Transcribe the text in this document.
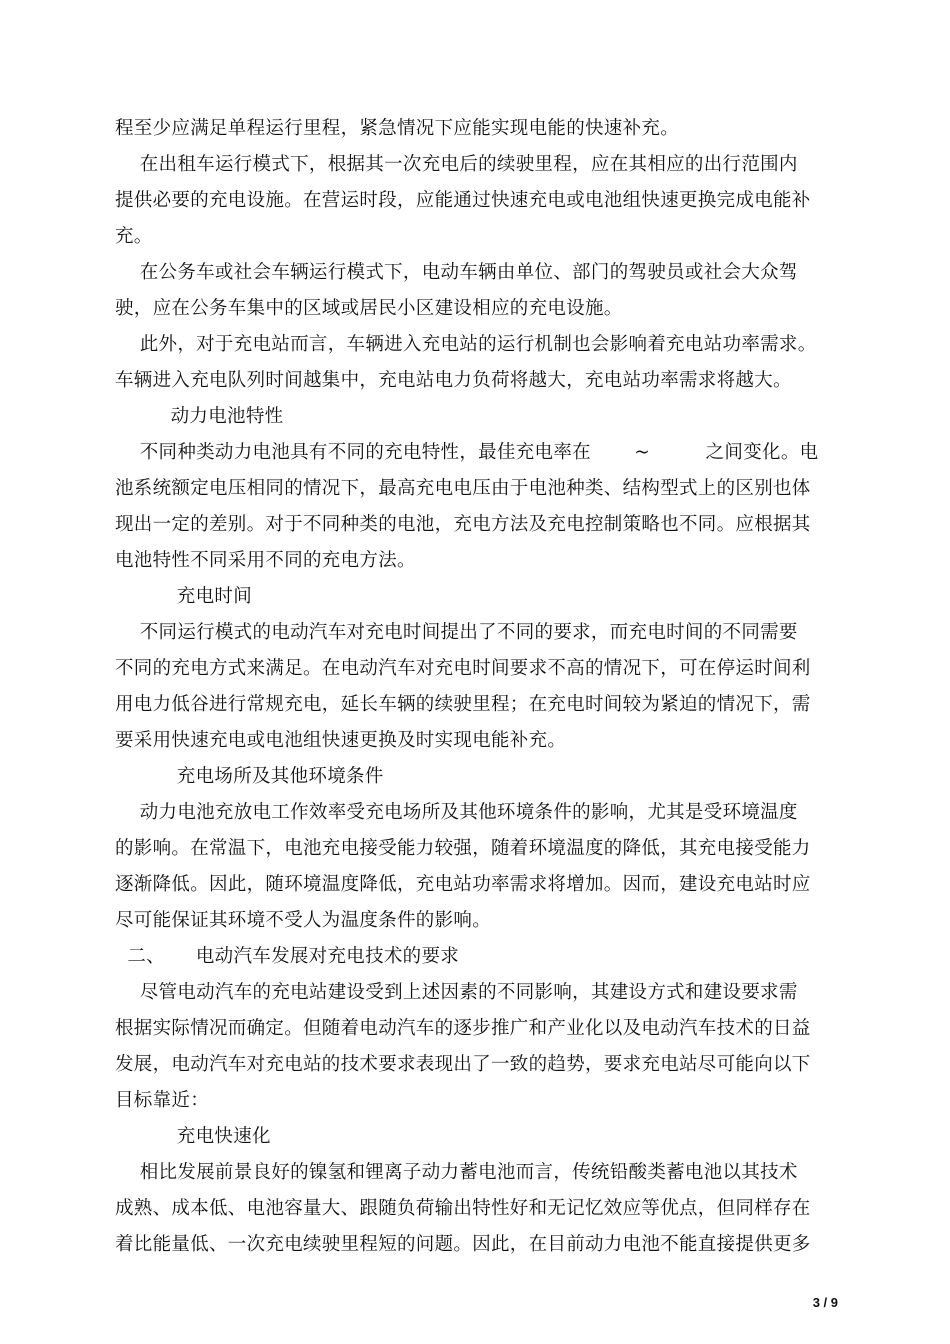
程至少应满足单程运行里程，紧急情况下应能实现电能的快速补充。
在出租车运行模式下，根据其一次充电后的续驶里程，应在其相应的出行范围内
提供必要的充电设施。在营运时段，应能通过快速充电或电池组快速更换完成电能补
充。
在公务车或社会车辆运行模式下，电动车辆由单位、部门的驾驶员或社会大众驾
驶，应在公务车集中的区域或居民小区建设相应的充电设施。
此外，对于充电站而言，车辆进入充电站的运行机制也会影响着充电站功率需求。
车辆进入充电队列时间越集中，充电站电力负荷将越大，充电站功率需求将越大。
动力电池特性
不同种类动力电池具有不同的充电特性，最佳充电率在       ~         之间变化。电
池系统额定电压相同的情况下，最高充电电压由于电池种类、结构型式上的区别也体
现出一定的差别。对于不同种类的电池，充电方法及充电控制策略也不同。应根据其
电池特性不同采用不同的充电方法。
充电时间
不同运行模式的电动汽车对充电时间提出了不同的要求，而充电时间的不同需要
不同的充电方式来满足。在电动汽车对充电时间要求不高的情况下，可在停运时间利
用电力低谷进行常规充电，延长车辆的续驶里程；在充电时间较为紧迫的情况下，需
要采用快速充电或电池组快速更换及时实现电能补充。
充电场所及其他环境条件
动力电池充放电工作效率受充电场所及其他环境条件的影响，尤其是受环境温度
的影响。在常温下，电池充电接受能力较强，随着环境温度的降低，其充电接受能力
逐渐降低。因此，随环境温度降低，充电站功率需求将增加。因而，建设充电站时应
尽可能保证其环境不受人为温度条件的影响。
二、     电动汽车发展对充电技术的要求
尽管电动汽车的充电站建设受到上述因素的不同影响，其建设方式和建设要求需
根据实际情况而确定。但随着电动汽车的逐步推广和产业化以及电动汽车技术的日益
发展，电动汽车对充电站的技术要求表现出了一致的趋势，要求充电站尽可能向以下
目标靠近：
充电快速化
相比发展前景良好的镍氢和锂离子动力蓄电池而言，传统铅酸类蓄电池以其技术
成熟、成本低、电池容量大、跟随负荷输出特性好和无记忆效应等优点，但同样存在
着比能量低、一次充电续驶里程短的问题。因此，在目前动力电池不能直接提供更多
3 / 9
